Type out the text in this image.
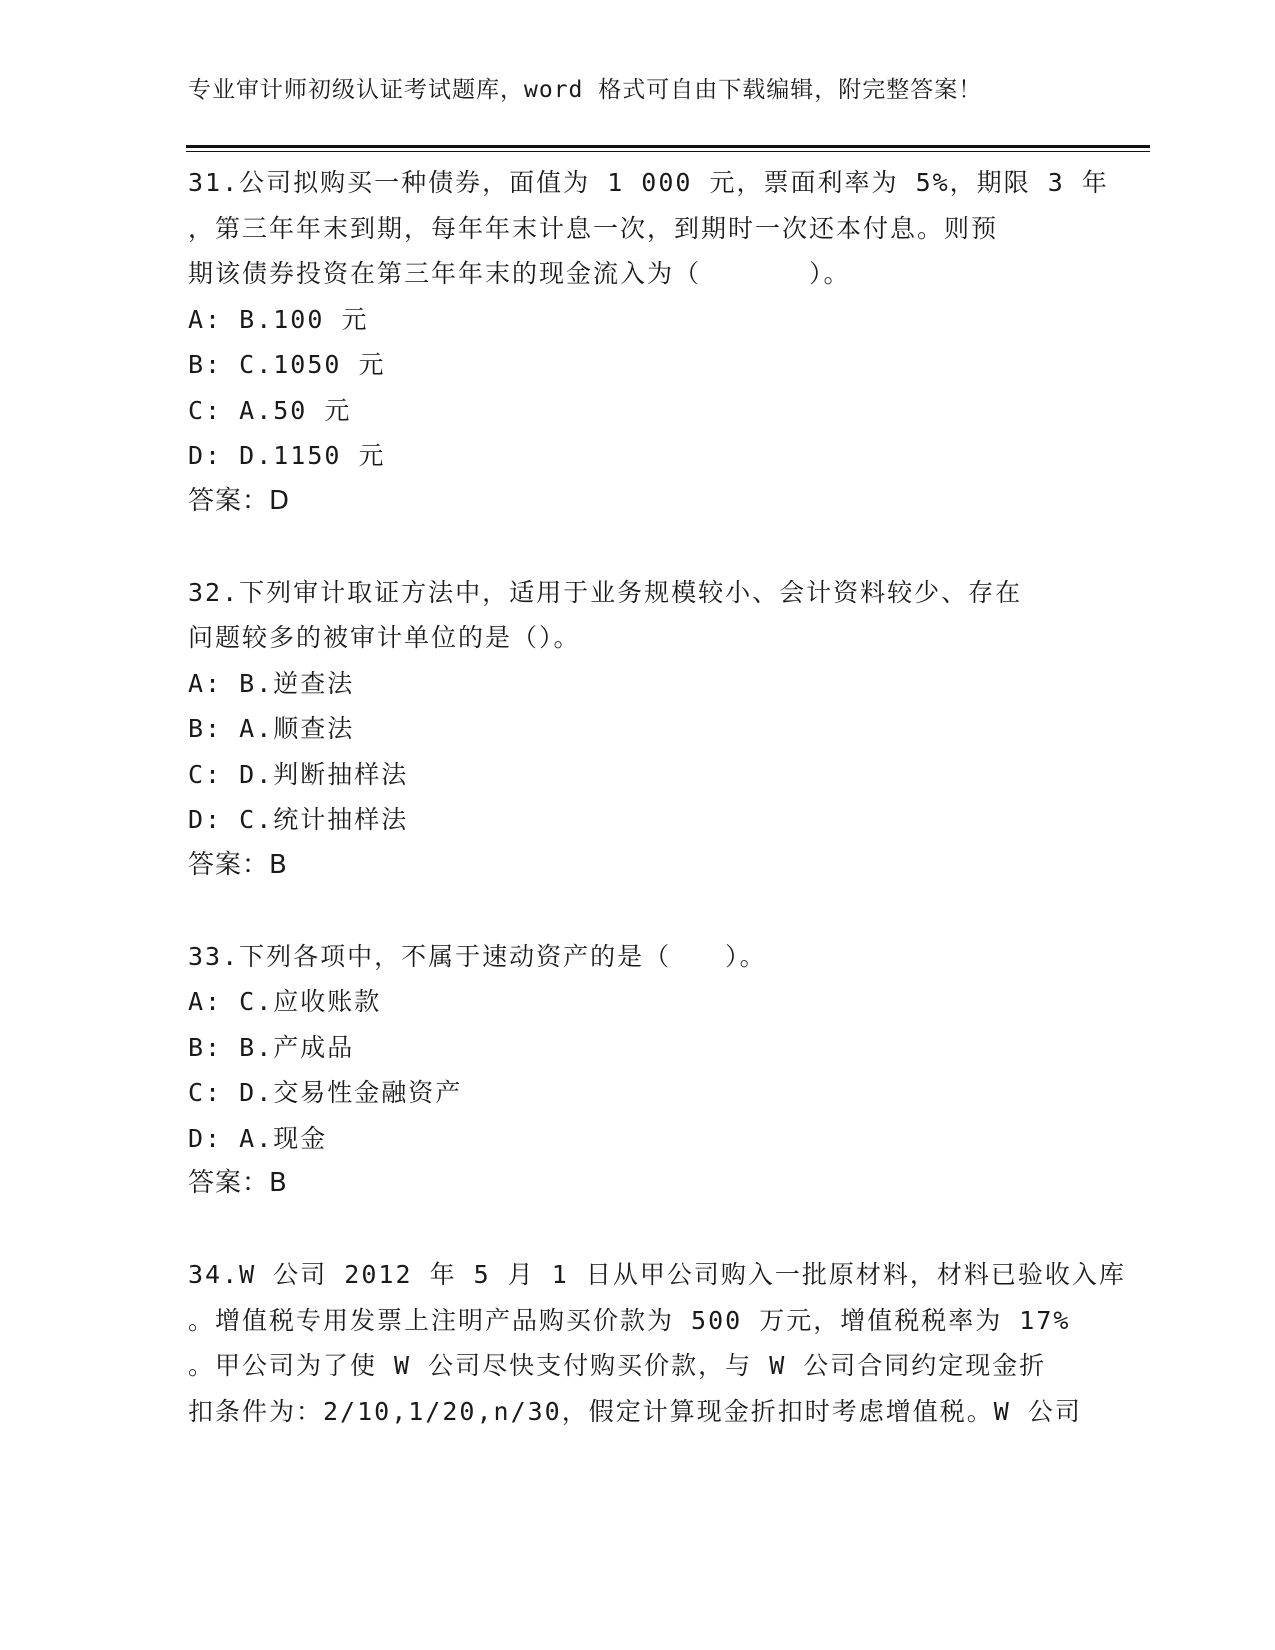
专业审计师初级认证考试题库，word 格式可自由下载编辑，附完整答案！
31.公司拟购买一种债券，面值为 1 000 元，票面利率为 5%，期限 3 年
，第三年年末到期，每年年末计息一次，到期时一次还本付息。则预
期该债券投资在第三年年末的现金流入为（　　　　）。
A: B.100 元
B: C.1050 元
C: A.50 元
D: D.1150 元
答案：D
32.下列审计取证方法中，适用于业务规模较小、会计资料较少、存在
问题较多的被审计单位的是（）。
A: B.逆查法
B: A.顺查法
C: D.判断抽样法
D: C.统计抽样法
答案：B
33.下列各项中，不属于速动资产的是（　　）。
A: C.应收账款
B: B.产成品
C: D.交易性金融资产
D: A.现金
答案：B
34.W 公司 2012 年 5 月 1 日从甲公司购入一批原材料，材料已验收入库
。增值税专用发票上注明产品购买价款为 500 万元，增值税税率为 17%
。甲公司为了使 W 公司尽快支付购买价款，与 W 公司合同约定现金折
扣条件为：2/10,1/20,n/30，假定计算现金折扣时考虑增值税。W 公司
